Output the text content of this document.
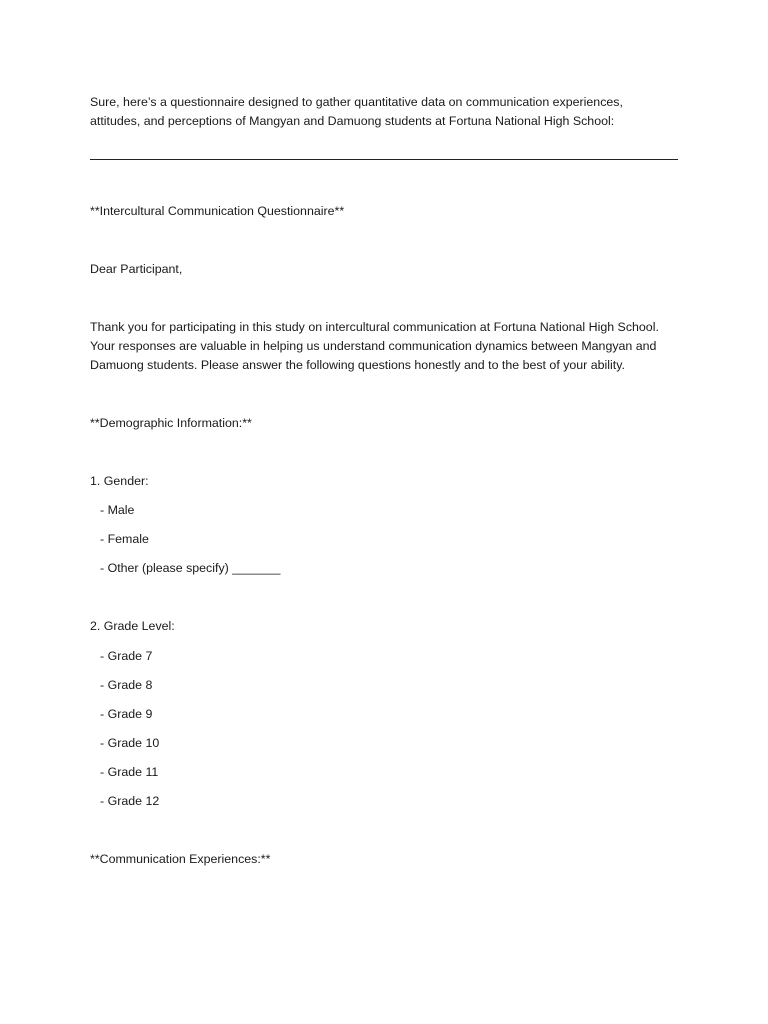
Sure, here’s a questionnaire designed to gather quantitative data on communication experiences,
attitudes, and perceptions of Mangyan and Damuong students at Fortuna National High School:
**Intercultural Communication Questionnaire**
Dear Participant,
Thank you for participating in this study on intercultural communication at Fortuna National High School.
Your responses are valuable in helping us understand communication dynamics between Mangyan and
Damuong students. Please answer the following questions honestly and to the best of your ability.
**Demographic Information:**
1. Gender:
- Male
- Female
- Other (please specify) _______
2. Grade Level:
- Grade 7
- Grade 8
- Grade 9
- Grade 10
- Grade 11
- Grade 12
**Communication Experiences:**
